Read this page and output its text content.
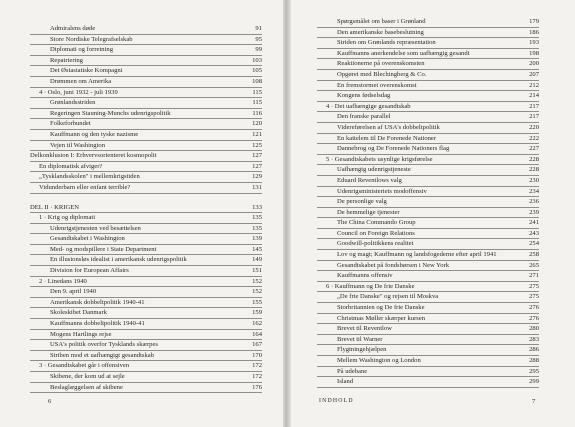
Admiralens døde	91
Store Nordiske Telegrafselskab	95
Diplomati og forretning	99
Repatriering	103
Det Østasiatiske Kompagni	105
Drømmen om Amerika	108
4 · Oslo, juni 1932 - juli 1939	115
Grønlandsstriden	115
Regeringen Stauning-Munchs udenrigspolitik	116
Folkeforbundet	120
Kauffmann og den tyske nazisme	121
Vejen til Washington	125
Delkonklusion I: Erhvervsorienteret kosmopolit	127
En diplomatisk afviger?	127
„Tysklandsskolen" i mellemkrigstiden	129
Vidunderbarn eller enfant terrible?	131
DEL II · KRIGEN	133
1 · Krig og diplomati	135
Udenrigstjenesten ved besættelsen	135
Gesandtskabet i Washington	139
Med- og modspillere i State Department	145
En illusionsløs idealist i amerikansk udenrigspolitik	149
Division for European Affairs	151
2 · Linedans 1940	152
Den 9. april 1940	152
Amerikansk dobbeltpolitik 1940-41	155
Skoleskibet Danmark	159
Kauffmanns dobbeltpolitik 1940-41	162
Mogens Hartlings rejse	164
USA's politik overfor Tysklands skærpes	167
Striben mod et uafhængigt gesandtskab	170
3 · Gesandtskabet går i offensiven	172
Skibene, der kom ud at sejle	172
Beslaglæggelsen af skibene	176
6
Spørgsmålet om baser i Grønland	179
Den amerikanske basebeslutning	186
Striden om Grønlands repræsentation	193
Kauffmanns anerkendelse som uafhængig gesandt	198
Reaktionerne på overenskomsten	200
Opgøret med Blechingberg & Co.	207
En fremstormet overenskomst	212
Kongens fødselsdag	214
4 · Det uafhængige gesandtskab	217
Den franske parallel	217
Videreførelsen af USA's dobbeltpolitik	220
En kattelem til De Forenede Nationer	222
Dannebrog og De Forenede Nationers flag	227
5 · Gesandtskabets usynlige krigsførelse	228
Uafhængig udenrigstjeneste	228
Eduard Reventlows valg	230
Udenrigsministeriets modoffensiv	234
De personlige valg	236
De hemmelige tjenester	239
The China Commando Group	241
Council on Foreign Relations	243
Goodwill-politikkens realitet	254
Lov og magt; Kauffmann og landsfogederne efter april 1941	258
Gesandtskabet på fondsbørsen i New York	265
Kauffmanns offensiv	271
6 · Kauffmann og De frie Danske	275
„De frie Danske" og rejsen til Moskva	275
Storbritannien og De frie Danske	276
Christmas Møller skærper kursen	276
Brevet til Reventlow	280
Brevet til Warner	283
Flygtningehjælpen	286
Mellem Washington og London	288
På udebane	295
Island	299
INDHOLD	7
